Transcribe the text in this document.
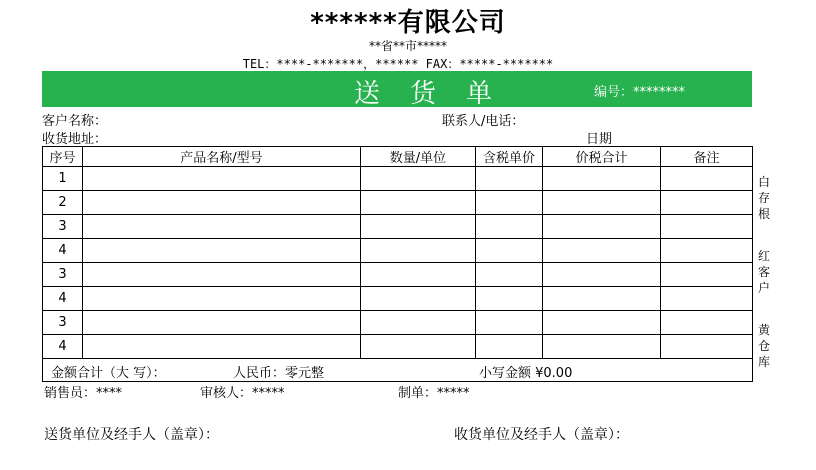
******有限公司
**省**市*****
TEL：****-*******，****** FAX：*****-*******
送货单	编号：********
客户名称：	联系人/电话：
收货地址：	日期
序号	产品名称/型号	数量/单位	含税单价	价税合计	备注
1					
2					
3					
4					
3					
4					
3					
4					

金额合计（大 写）： 人民币：零元整 小写金额 ¥0.00					
白存根
红客户
黄仓库
销售员：****	审核人：*****	制单：*****
送货单位及经手人（盖章）：	收货单位及经手人（盖章）：
